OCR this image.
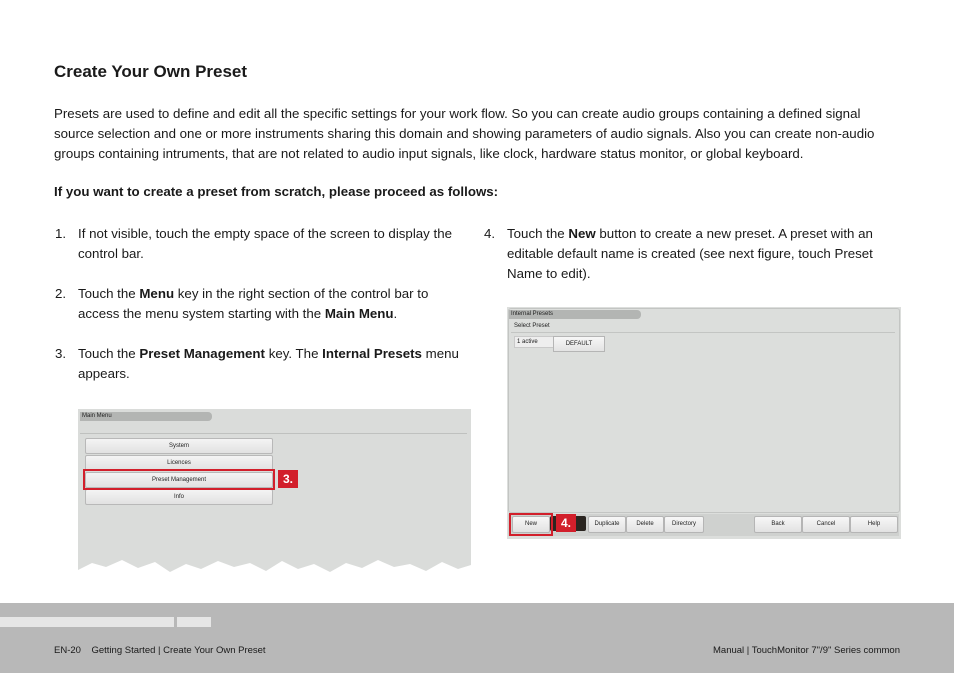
Create Your Own Preset

Presets are used to define and edit all the specific settings for your work flow. So you can create audio groups containing a defined signal source selection and one or more instruments sharing this domain and showing parameters of audio signals. Also you can create non-audio groups containing intruments, that are not related to audio input signals, like clock, hardware status monitor, or global keyboard.

If you want to create a preset from scratch, please proceed as follows:

1. If not visible, touch the empty space of the screen to display the
control bar.
2. Touch the Menu key in the right section of the control bar to
access the menu system starting with the Main Menu.
3. Touch the Preset Management key. The Internal Presets menu
appears.
4. Touch the New button to create a new preset. A preset with an
editable default name is created (see next figure, touch Preset
Name to edit).
Main Menu
System
Licences
Preset Management
Info
3.
Internal Presets
Select Preset
1 active	DEFAULT
New	Duplicate	Delete	Directory	Back	Cancel	Help
4.
EN-20    Getting Started | Create Your Own Preset	Manual | TouchMonitor 7"/9" Series common
